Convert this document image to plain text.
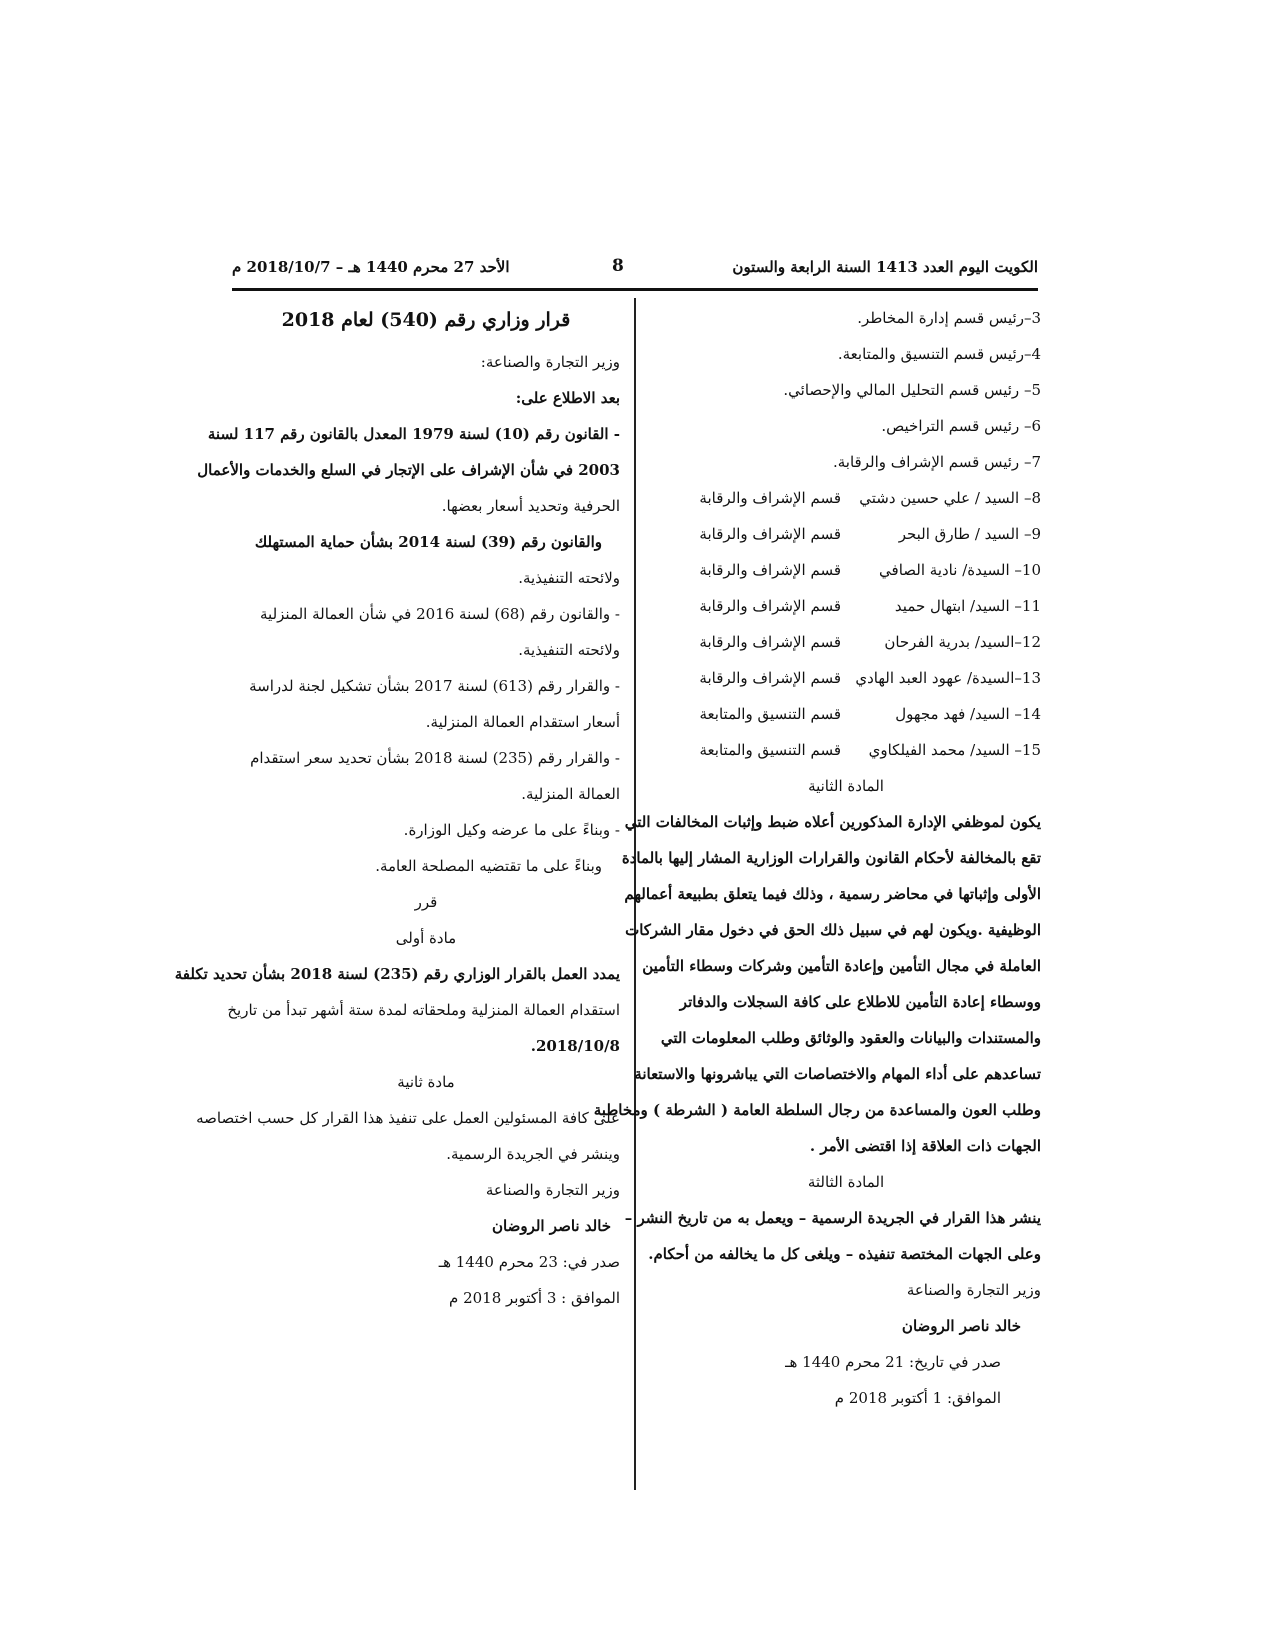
الكويت اليوم العدد 1413 السنة الرابعة والستون
8
الأحد 27 محرم 1440 هـ – 2018/10/7 م
3–رئيس قسم إدارة المخاطر.
4–رئيس قسم التنسيق والمتابعة.
5– رئيس قسم التحليل المالي والإحصائي.
6– رئيس قسم التراخيص.
7– رئيس قسم الإشراف والرقابة.
8– السيد / علي حسين دشتي
قسم الإشراف والرقابة
9– السيد / طارق البحر
قسم الإشراف والرقابة
10– السيدة/ نادية الصافي
قسم الإشراف والرقابة
11– السيد/ ابتهال حميد
قسم الإشراف والرقابة
12–السيد/ بدرية الفرحان
قسم الإشراف والرقابة
13–السيدة/ عهود العبد الهادي
قسم الإشراف والرقابة
14– السيد/ فهد مجهول
قسم التنسيق والمتابعة
15– السيد/ محمد الفيلكاوي
قسم التنسيق والمتابعة
المادة الثانية
يكون لموظفي الإدارة المذكورين أعلاه ضبط وإثبات المخالفات التي
تقع بالمخالفة لأحكام القانون والقرارات الوزارية المشار إليها بالمادة
الأولى وإثباتها في محاضر رسمية ، وذلك فيما يتعلق بطبيعة أعمالهم
الوظيفية .ويكون لهم في سبيل ذلك الحق في دخول مقار الشركات
العاملة في مجال التأمين وإعادة التأمين وشركات وسطاء التأمين
ووسطاء إعادة التأمين للاطلاع على كافة السجلات والدفاتر
والمستندات والبيانات والعقود والوثائق وطلب المعلومات التي
تساعدهم على أداء المهام والاختصاصات التي يباشرونها والاستعانة
وطلب العون والمساعدة من رجال السلطة العامة ( الشرطة ) ومخاطبة
الجهات ذات العلاقة إذا اقتضى الأمر .
المادة الثالثة
ينشر هذا القرار في الجريدة الرسمية – ويعمل به من تاريخ النشر –
وعلى الجهات المختصة تنفيذه – ويلغى كل ما يخالفه من أحكام.
وزير التجارة والصناعة
خالد ناصر الروضان
صدر في تاريخ: 21 محرم 1440 هـ
الموافق: 1 أكتوبر 2018 م
قرار وزاري رقم (540) لعام 2018
وزير التجارة والصناعة:
بعد الاطلاع على:
- القانون رقم (10) لسنة 1979 المعدل بالقانون رقم 117 لسنة
2003 في شأن الإشراف على الإتجار في السلع والخدمات والأعمال
الحرفية وتحديد أسعار بعضها.
والقانون رقم (39) لسنة 2014 بشأن حماية المستهلك
ولائحته التنفيذية.
- والقانون رقم (68) لسنة 2016 في شأن العمالة المنزلية
ولائحته التنفيذية.
- والقرار رقم (613) لسنة 2017 بشأن تشكيل لجنة لدراسة
أسعار استقدام العمالة المنزلية.
- والقرار رقم (235) لسنة 2018 بشأن تحديد سعر استقدام
العمالة المنزلية.
- وبناءً على ما عرضه وكيل الوزارة.
وبناءً على ما تقتضيه المصلحة العامة.
قرر
مادة أولى
يمدد العمل بالقرار الوزاري رقم (235) لسنة 2018 بشأن تحديد تكلفة
استقدام العمالة المنزلية وملحقاته لمدة ستة أشهر تبدأ من تاريخ
2018/10/8.
مادة ثانية
على كافة المسئولين العمل على تنفيذ هذا القرار كل حسب اختصاصه
وينشر في الجريدة الرسمية.
وزير التجارة والصناعة
خالد ناصر الروضان
صدر في: 23 محرم 1440 هـ
الموافق : 3 أكتوبر 2018 م
